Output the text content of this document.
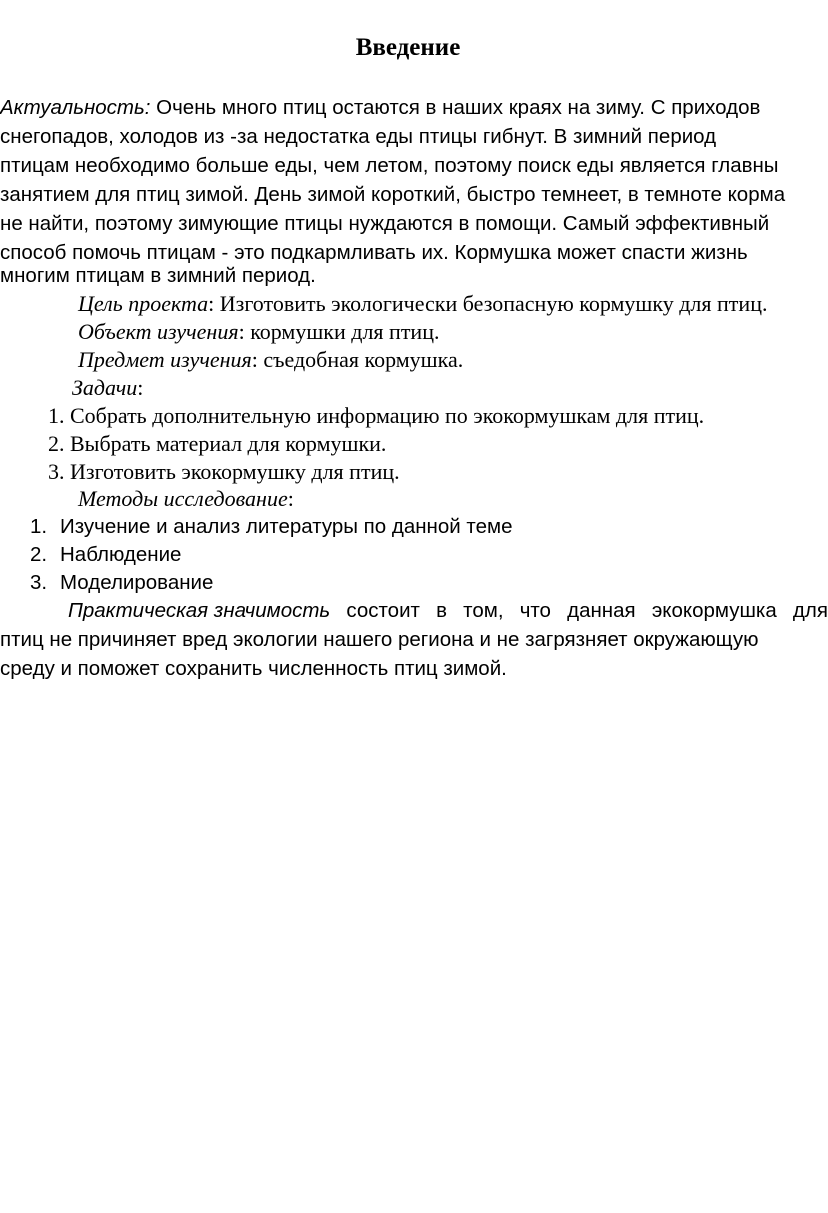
Введение
Актуальность: Очень много птиц остаются в наших краях на зиму. С приходов
снегопадов, холодов из -за недостатка еды птицы гибнут. В зимний период
птицам необходимо больше еды, чем летом, поэтому поиск еды является главны
занятием для птиц зимой. День зимой короткий, быстро темнеет, в темноте корма
не найти, поэтому зимующие птицы нуждаются в помощи. Самый эффективный
способ помочь птицам - это подкармливать их. Кормушка может спасти жизнь
многим птицам в зимний период.
Цель проекта: Изготовить экологически безопасную кормушку для птиц.
Объект изучения: кормушки для птиц.
Предмет изучения: съедобная кормушка.
Задачи:
1. Собрать дополнительную информацию по экокормушкам для птиц.
2. Выбрать материал для кормушки.
3. Изготовить экокормушку для птиц.
Методы исследование:
1. Изучение и анализ литературы по данной теме
2. Наблюдение
3. Моделирование
Практическая значимость состоит в том, что данная экокормушка для
птиц не причиняет вред экологии нашего региона и не загрязняет окружающую
среду и поможет сохранить численность птиц зимой.
